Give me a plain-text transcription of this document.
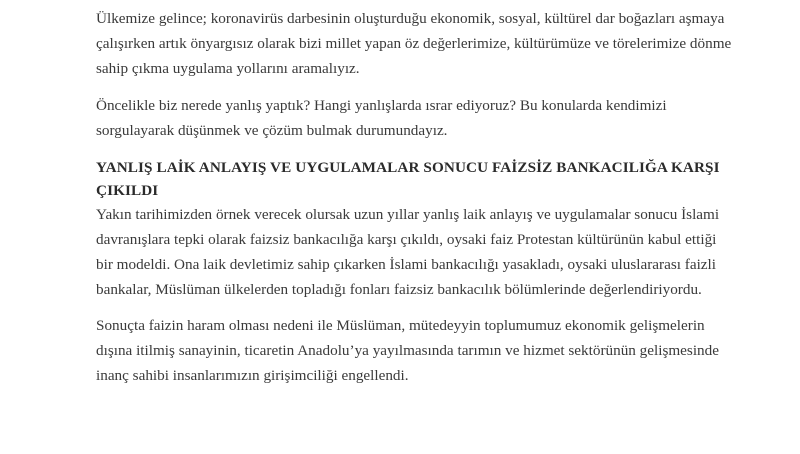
Ülkemize gelince; koronavirüs darbesinin oluşturduğu ekonomik, sosyal, kültürel dar boğazları aşmaya çalışırken artık önyargısız olarak bizi millet yapan öz değerlerimize, kültürümüze ve törelerimize dönme sahip çıkma uygulama yollarını aramalıyız.

Öncelikle biz nerede yanlış yaptık? Hangi yanlışlarda ısrar ediyoruz? Bu konularda kendimizi sorgulayarak düşünmek ve çözüm bulmak durumundayız.

YANLIŞ LAİK ANLAYIŞ VE UYGULAMALAR SONUCU FAİZSİZ BANKACILIĞA KARŞI ÇIKILDI

Yakın tarihimizden örnek verecek olursak uzun yıllar yanlış laik anlayış ve uygulamalar sonucu İslami davranışlara tepki olarak faizsiz bankacılığa karşı çıkıldı, oysaki faiz Protestan kültürünün kabul ettiği bir modeldi. Ona laik devletimiz sahip çıkarken İslami bankacılığı yasakladı, oysaki uluslararası faizli bankalar, Müslüman ülkelerden topladığı fonları faizsiz bankacılık bölümlerinde değerlendiriyordu.

Sonuçta faizin haram olması nedeni ile Müslüman, mütedeyyin toplumumuz ekonomik gelişmelerin dışına itilmiş sanayinin, ticaretin Anadolu’ya yayılmasında tarımın ve hizmet sektörünün gelişmesinde inanç sahibi insanlarımızın girişimciliği engellendi.
